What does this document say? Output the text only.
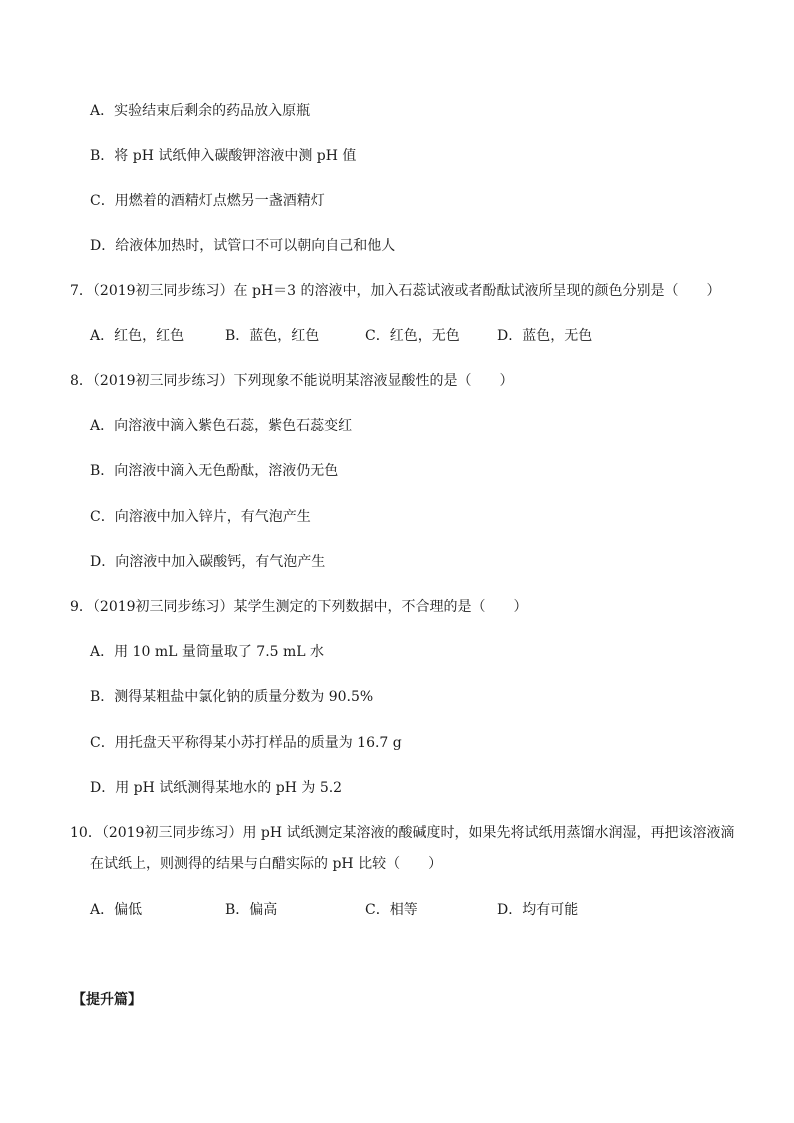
A．实验结束后剩余的药品放入原瓶
B．将 pH 试纸伸入碳酸钾溶液中测 pH 值
C．用燃着的酒精灯点燃另一盏酒精灯
D．给液体加热时，试管口不可以朝向自己和他人
7．（2019初三同步练习）在 pH＝3 的溶液中，加入石蕊试液或者酚酞试液所呈现的颜色分别是（　　）
A．红色，红色	B．蓝色，红色	C．红色，无色	D．蓝色，无色
8．（2019初三同步练习）下列现象不能说明某溶液显酸性的是（　　）
A．向溶液中滴入紫色石蕊，紫色石蕊变红
B．向溶液中滴入无色酚酞，溶液仍无色
C．向溶液中加入锌片，有气泡产生
D．向溶液中加入碳酸钙，有气泡产生
9．（2019初三同步练习）某学生测定的下列数据中，不合理的是（　　）
A．用 10 mL 量筒量取了 7.5 mL 水
B．测得某粗盐中氯化钠的质量分数为 90.5%
C．用托盘天平称得某小苏打样品的质量为 16.7 g
D．用 pH 试纸测得某地水的 pH 为 5.2
10．（2019初三同步练习）用 pH 试纸测定某溶液的酸碱度时，如果先将试纸用蒸馏水润湿，再把该溶液滴
在试纸上，则测得的结果与白醋实际的 pH 比较（　　）
A．偏低	B．偏高	C．相等	D．均有可能
【提升篇】
